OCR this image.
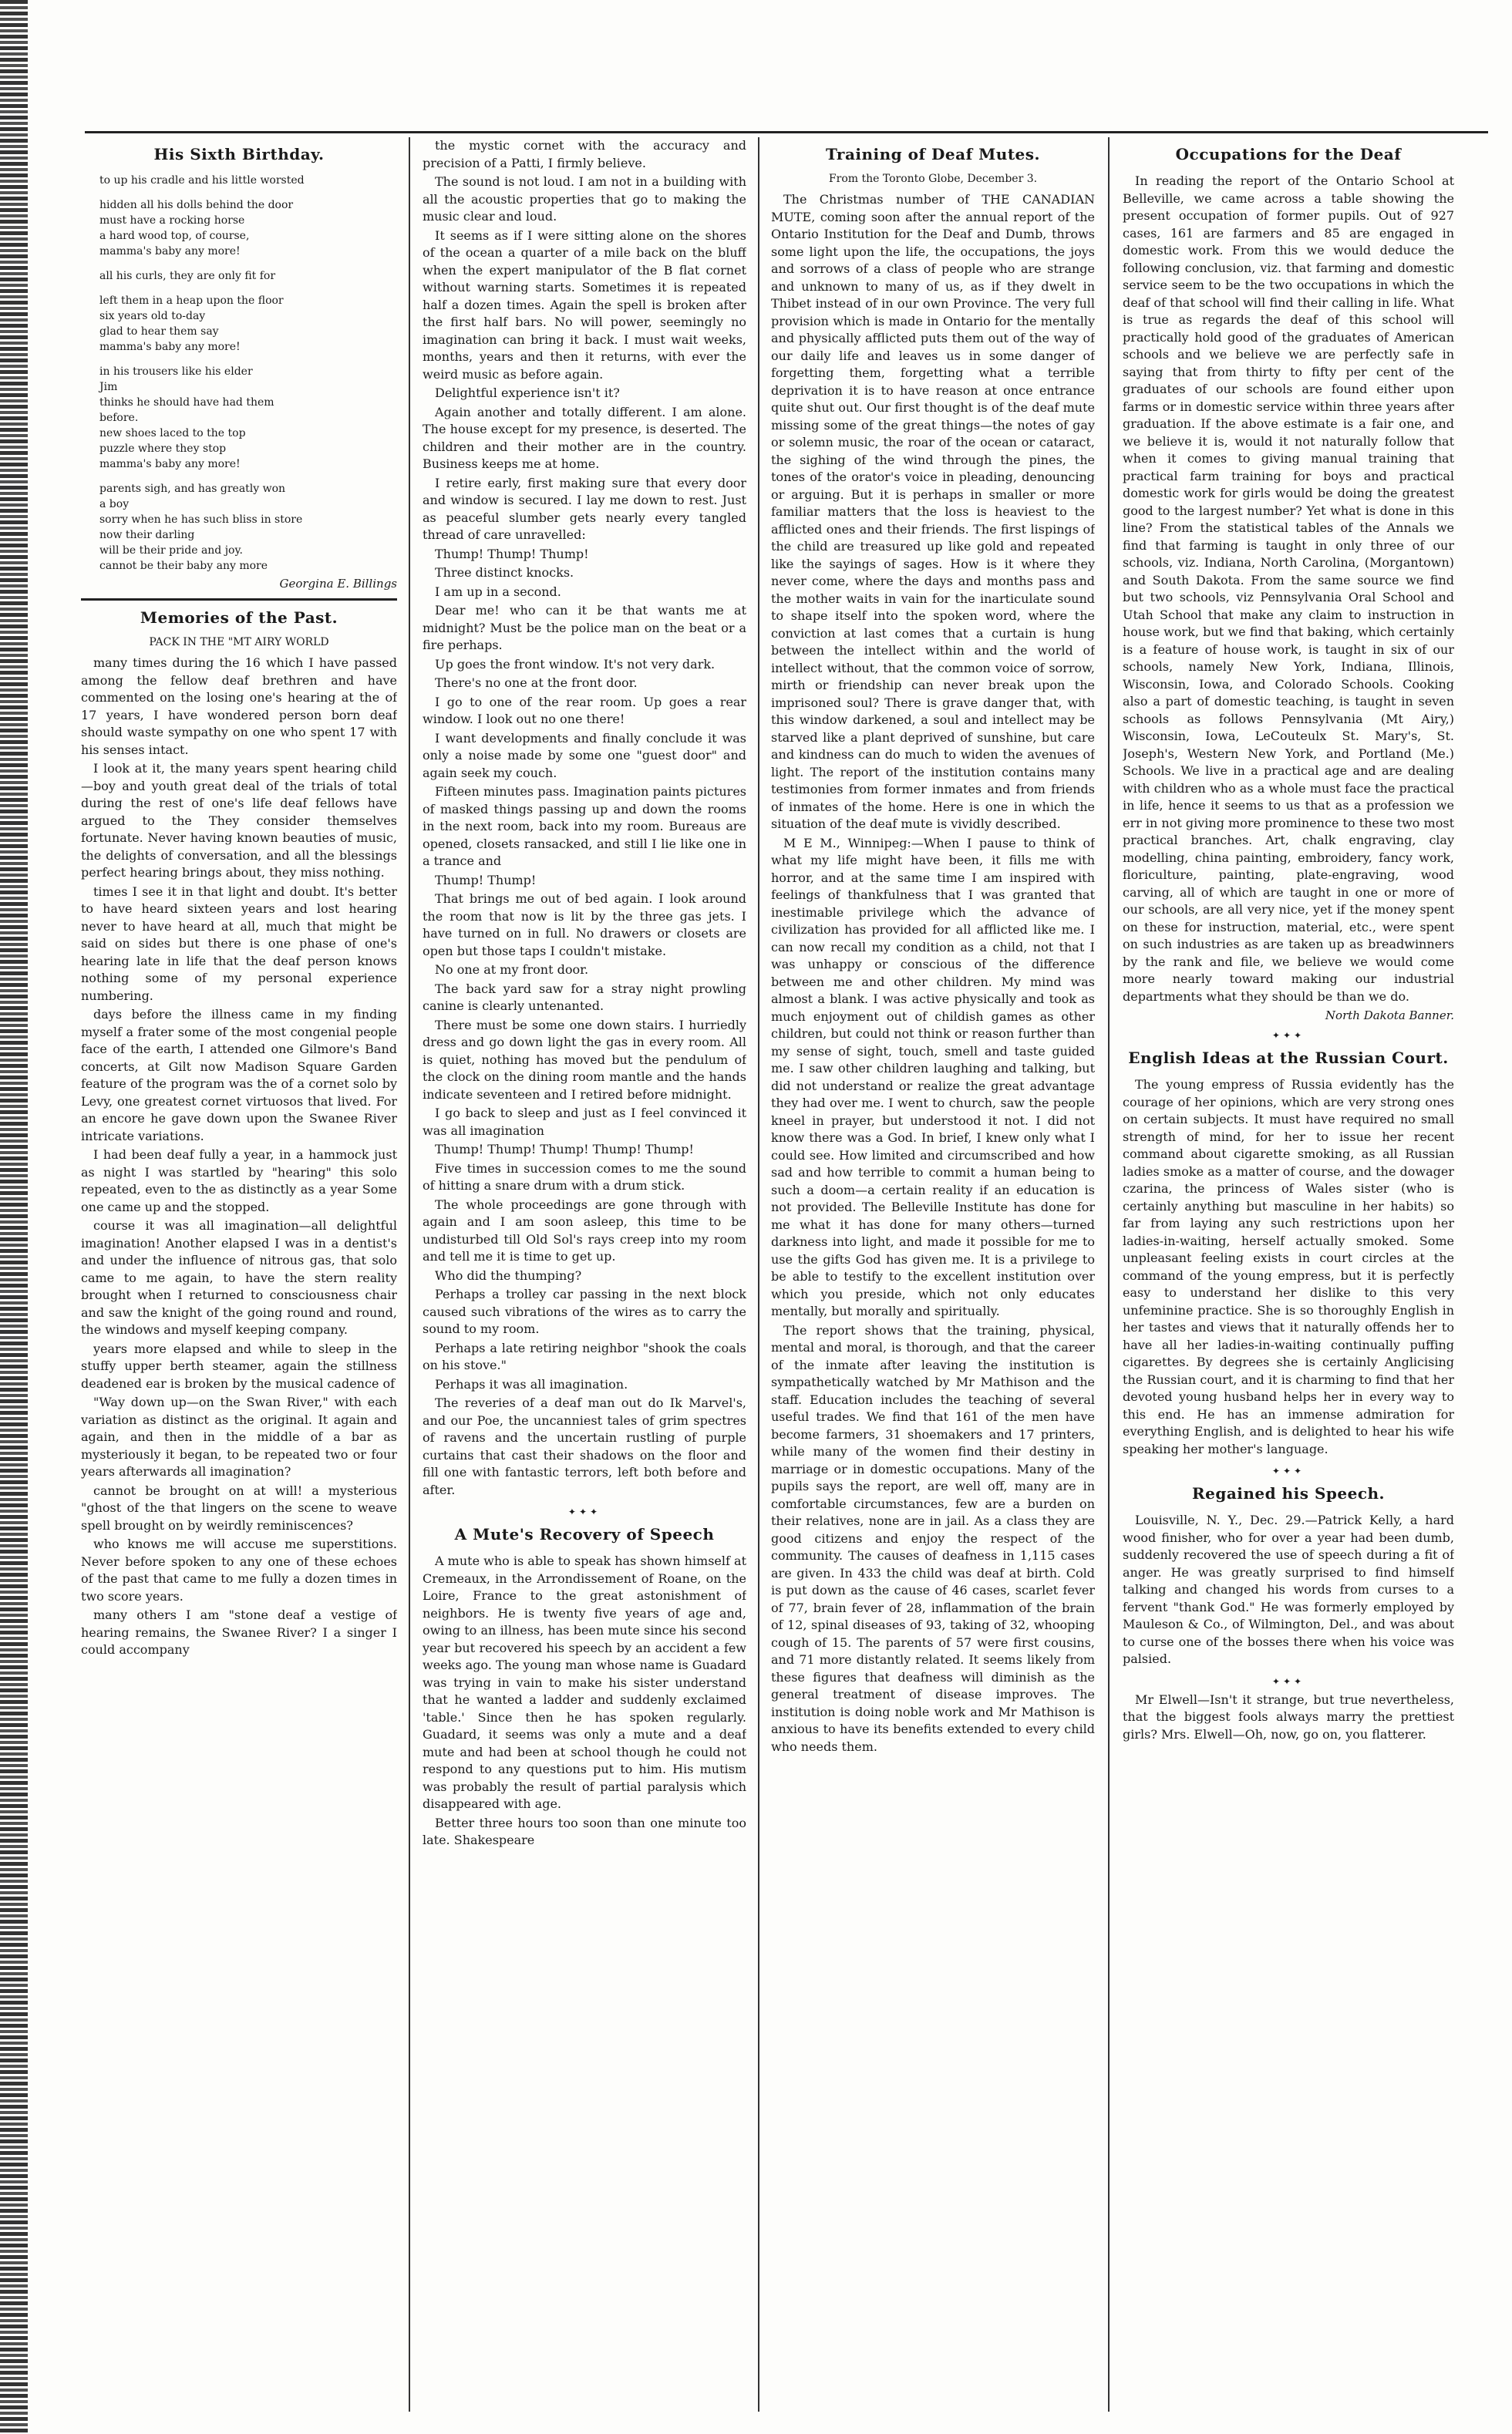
His Sixth Birthday.
to up his cradle and his little worsted
hidden all his dolls behind the door
must have a rocking horse
a hard wood top, of course,
mamma's baby any more!
all his curls, they are only fit for
left them in a heap upon the floor
six years old to-day
glad to hear them say
mamma's baby any more!
in his trousers like his elder
Jim
thinks he should have had them
before.
new shoes laced to the top
puzzle where they stop
mamma's baby any more!
parents sigh, and has greatly won
a boy
sorry when he has such bliss in store
now their darling
will be their pride and joy.
cannot be their baby any more
Georgina E. Billings
Memories of the Past.
PACK IN THE "MT AIRY WORLD

many times during the 16 which I have passed among the fellow deaf brethren and have commented on the losing one's hearing at the of 17 years, I have wondered person born deaf should waste sympathy on one who spent 17 with his senses intact.

I look at it, the many years spent hearing child—boy and youth great deal of the trials of total during the rest of one's life deaf fellows have argued to the They consider themselves fortunate. Never having known beauties of music, the delights of conversation, and all the blessings perfect hearing brings about, they miss nothing.

times I see it in that light and doubt. It's better to have heard sixteen years and lost hearing never to have heard at all, much that might be said on sides but there is one phase of one's hearing late in life that the deaf person knows nothing some of my personal experience numbering.

days before the illness came in my finding myself a frater some of the most congenial people face of the earth, I attended one Gilmore's Band concerts, at Gilt now Madison Square Garden feature of the program was the of a cornet solo by Levy, one greatest cornet virtuosos that lived. For an encore he gave down upon the Swanee River intricate variations.

I had been deaf fully a year, in a hammock just as night I was startled by "hearing" this solo repeated, even to the as distinctly as a year Some one came up and the stopped.

course it was all imagination—all delightful imagination! Another elapsed I was in a dentist's and under the influence of nitrous gas, that solo came to me again, to have the stern reality brought when I returned to consciousness chair and saw the knight of the going round and round, the windows and myself keeping company.

years more elapsed and while to sleep in the stuffy upper berth steamer, again the stillness deadened ear is broken by the musical cadence of

"Way down up—on the Swan River," with each variation as distinct as the original. It again and again, and then in the middle of a bar as mysteriously it began, to be repeated two or four years afterwards all imagination?

cannot be brought on at will! a mysterious "ghost of the that lingers on the scene to weave spell brought on by weirdly reminiscences?

who knows me will accuse me superstitions. Never before spoken to any one of these echoes of the past that came to me fully a dozen times in two score years.

many others I am "stone deaf a vestige of hearing remains, the Swanee River? I a singer I could accompany

the mystic cornet with the accuracy and precision of a Patti, I firmly believe.

The sound is not loud. I am not in a building with all the acoustic properties that go to making the music clear and loud.

It seems as if I were sitting alone on the shores of the ocean a quarter of a mile back on the bluff when the expert manipulator of the B flat cornet without warning starts. Sometimes it is repeated half a dozen times. Again the spell is broken after the first half bars. No will power, seemingly no imagination can bring it back. I must wait weeks, months, years and then it returns, with ever the weird music as before again.

Delightful experience isn't it?

Again another and totally different. I am alone. The house except for my presence, is deserted. The children and their mother are in the country. Business keeps me at home.

I retire early, first making sure that every door and window is secured. I lay me down to rest. Just as peaceful slumber gets nearly every tangled thread of care unravelled:

Thump! Thump! Thump!

Three distinct knocks.

I am up in a second.

Dear me! who can it be that wants me at midnight? Must be the police man on the beat or a fire perhaps.

Up goes the front window. It's not very dark.

There's no one at the front door.

I go to one of the rear room. Up goes a rear window. I look out no one there!

I want developments and finally conclude it was only a noise made by some one "guest door" and again seek my couch.

Fifteen minutes pass. Imagination paints pictures of masked things passing up and down the rooms in the next room, back into my room. Bureaus are opened, closets ransacked, and still I lie like one in a trance and

Thump! Thump!

That brings me out of bed again. I look around the room that now is lit by the three gas jets. I have turned on in full. No drawers or closets are open but those taps I couldn't mistake.

No one at my front door.

The back yard saw for a stray night prowling canine is clearly untenanted.

There must be some one down stairs. I hurriedly dress and go down light the gas in every room. All is quiet, nothing has moved but the pendulum of the clock on the dining room mantle and the hands indicate seventeen and I retired before midnight.

I go back to sleep and just as I feel convinced it was all imagination

Thump! Thump! Thump! Thump! Thump!

Five times in succession comes to me the sound of hitting a snare drum with a drum stick.

The whole proceedings are gone through with again and I am soon asleep, this time to be undisturbed till Old Sol's rays creep into my room and tell me it is time to get up.

Who did the thumping?

Perhaps a trolley car passing in the next block caused such vibrations of the wires as to carry the sound to my room.

Perhaps a late retiring neighbor "shook the coals on his stove."

Perhaps it was all imagination.

The reveries of a deaf man out do Ik Marvel's, and our Poe, the uncanniest tales of grim spectres of ravens and the uncertain rustling of purple curtains that cast their shadows on the floor and fill one with fantastic terrors, left both before and after.

✦✦✦
A Mute's Recovery of Speech

A mute who is able to speak has shown himself at Cremeaux, in the Arrondissement of Roane, on the Loire, France to the great astonishment of neighbors. He is twenty five years of age and, owing to an illness, has been mute since his second year but recovered his speech by an accident a few weeks ago. The young man whose name is Guadard was trying in vain to make his sister understand that he wanted a ladder and suddenly exclaimed 'table.' Since then he has spoken regularly. Guadard, it seems was only a mute and a deaf mute and had been at school though he could not respond to any questions put to him. His mutism was probably the result of partial paralysis which disappeared with age.

Better three hours too soon than one minute too late. Shakespeare

Training of Deaf Mutes.
From the Toronto Globe, December 3.

The Christmas number of THE CANADIAN MUTE, coming soon after the annual report of the Ontario Institution for the Deaf and Dumb, throws some light upon the life, the occupations, the joys and sorrows of a class of people who are strange and unknown to many of us, as if they dwelt in Thibet instead of in our own Province. The very full provision which is made in Ontario for the mentally and physically afflicted puts them out of the way of our daily life and leaves us in some danger of forgetting them, forgetting what a terrible deprivation it is to have reason at once entrance quite shut out. Our first thought is of the deaf mute missing some of the great things—the notes of gay or solemn music, the roar of the ocean or cataract, the sighing of the wind through the pines, the tones of the orator's voice in pleading, denouncing or arguing. But it is perhaps in smaller or more familiar matters that the loss is heaviest to the afflicted ones and their friends. The first lispings of the child are treasured up like gold and repeated like the sayings of sages. How is it where they never come, where the days and months pass and the mother waits in vain for the inarticulate sound to shape itself into the spoken word, where the conviction at last comes that a curtain is hung between the intellect within and the world of intellect without, that the common voice of sorrow, mirth or friendship can never break upon the imprisoned soul? There is grave danger that, with this window darkened, a soul and intellect may be starved like a plant deprived of sunshine, but care and kindness can do much to widen the avenues of light. The report of the institution contains many testimonies from former inmates and from friends of inmates of the home. Here is one in which the situation of the deaf mute is vividly described.

M E M., Winnipeg:—When I pause to think of what my life might have been, it fills me with horror, and at the same time I am inspired with feelings of thankfulness that I was granted that inestimable privilege which the advance of civilization has provided for all afflicted like me. I can now recall my condition as a child, not that I was unhappy or conscious of the difference between me and other children. My mind was almost a blank. I was active physically and took as much enjoyment out of childish games as other children, but could not think or reason further than my sense of sight, touch, smell and taste guided me. I saw other children laughing and talking, but did not understand or realize the great advantage they had over me. I went to church, saw the people kneel in prayer, but understood it not. I did not know there was a God. In brief, I knew only what I could see. How limited and circumscribed and how sad and how terrible to commit a human being to such a doom—a certain reality if an education is not provided. The Belleville Institute has done for me what it has done for many others—turned darkness into light, and made it possible for me to use the gifts God has given me. It is a privilege to be able to testify to the excellent institution over which you preside, which not only educates mentally, but morally and spiritually.

The report shows that the training, physical, mental and moral, is thorough, and that the career of the inmate after leaving the institution is sympathetically watched by Mr Mathison and the staff. Education includes the teaching of several useful trades. We find that 161 of the men have become farmers, 31 shoemakers and 17 printers, while many of the women find their destiny in marriage or in domestic occupations. Many of the pupils says the report, are well off, many are in comfortable circumstances, few are a burden on their relatives, none are in jail. As a class they are good citizens and enjoy the respect of the community. The causes of deafness in 1,115 cases are given. In 433 the child was deaf at birth. Cold is put down as the cause of 46 cases, scarlet fever of 77, brain fever of 28, inflammation of the brain of 12, spinal diseases of 93, taking of 32, whooping cough of 15. The parents of 57 were first cousins, and 71 more distantly related. It seems likely from these figures that deafness will diminish as the general treatment of disease improves. The institution is doing noble work and Mr Mathison is anxious to have its benefits extended to every child who needs them.

Occupations for the Deaf

In reading the report of the Ontario School at Belleville, we came across a table showing the present occupation of former pupils. Out of 927 cases, 161 are farmers and 85 are engaged in domestic work. From this we would deduce the following conclusion, viz. that farming and domestic service seem to be the two occupations in which the deaf of that school will find their calling in life. What is true as regards the deaf of this school will practically hold good of the graduates of American schools and we believe we are perfectly safe in saying that from thirty to fifty per cent of the graduates of our schools are found either upon farms or in domestic service within three years after graduation. If the above estimate is a fair one, and we believe it is, would it not naturally follow that when it comes to giving manual training that practical farm training for boys and practical domestic work for girls would be doing the greatest good to the largest number? Yet what is done in this line? From the statistical tables of the Annals we find that farming is taught in only three of our schools, viz. Indiana, North Carolina, (Morgantown) and South Dakota. From the same source we find but two schools, viz Pennsylvania Oral School and Utah School that make any claim to instruction in house work, but we find that baking, which certainly is a feature of house work, is taught in six of our schools, namely New York, Indiana, Illinois, Wisconsin, Iowa, and Colorado Schools. Cooking also a part of domestic teaching, is taught in seven schools as follows Pennsylvania (Mt Airy,) Wisconsin, Iowa, LeCouteulx St. Mary's, St. Joseph's, Western New York, and Portland (Me.) Schools. We live in a practical age and are dealing with children who as a whole must face the practical in life, hence it seems to us that as a profession we err in not giving more prominence to these two most practical branches. Art, chalk engraving, clay modelling, china painting, embroidery, fancy work, floriculture, painting, plate-engraving, wood carving, all of which are taught in one or more of our schools, are all very nice, yet if the money spent on these for instruction, material, etc., were spent on such industries as are taken up as breadwinners by the rank and file, we believe we would come more nearly toward making our industrial departments what they should be than we do.

North Dakota Banner.
✦✦✦
English Ideas at the Russian Court.

The young empress of Russia evidently has the courage of her opinions, which are very strong ones on certain subjects. It must have required no small strength of mind, for her to issue her recent command about cigarette smoking, as all Russian ladies smoke as a matter of course, and the dowager czarina, the princess of Wales sister (who is certainly anything but masculine in her habits) so far from laying any such restrictions upon her ladies-in-waiting, herself actually smoked. Some unpleasant feeling exists in court circles at the command of the young empress, but it is perfectly easy to understand her dislike to this very unfeminine practice. She is so thoroughly English in her tastes and views that it naturally offends her to have all her ladies-in-waiting continually puffing cigarettes. By degrees she is certainly Anglicising the Russian court, and it is charming to find that her devoted young husband helps her in every way to this end. He has an immense admiration for everything English, and is delighted to hear his wife speaking her mother's language.

✦✦✦
Regained his Speech.

Louisville, N. Y., Dec. 29.—Patrick Kelly, a hard wood finisher, who for over a year had been dumb, suddenly recovered the use of speech during a fit of anger. He was greatly surprised to find himself talking and changed his words from curses to a fervent "thank God." He was formerly employed by Mauleson & Co., of Wilmington, Del., and was about to curse one of the bosses there when his voice was palsied.

✦✦✦

Mr Elwell—Isn't it strange, but true nevertheless, that the biggest fools always marry the prettiest girls? Mrs. Elwell—Oh, now, go on, you flatterer.
